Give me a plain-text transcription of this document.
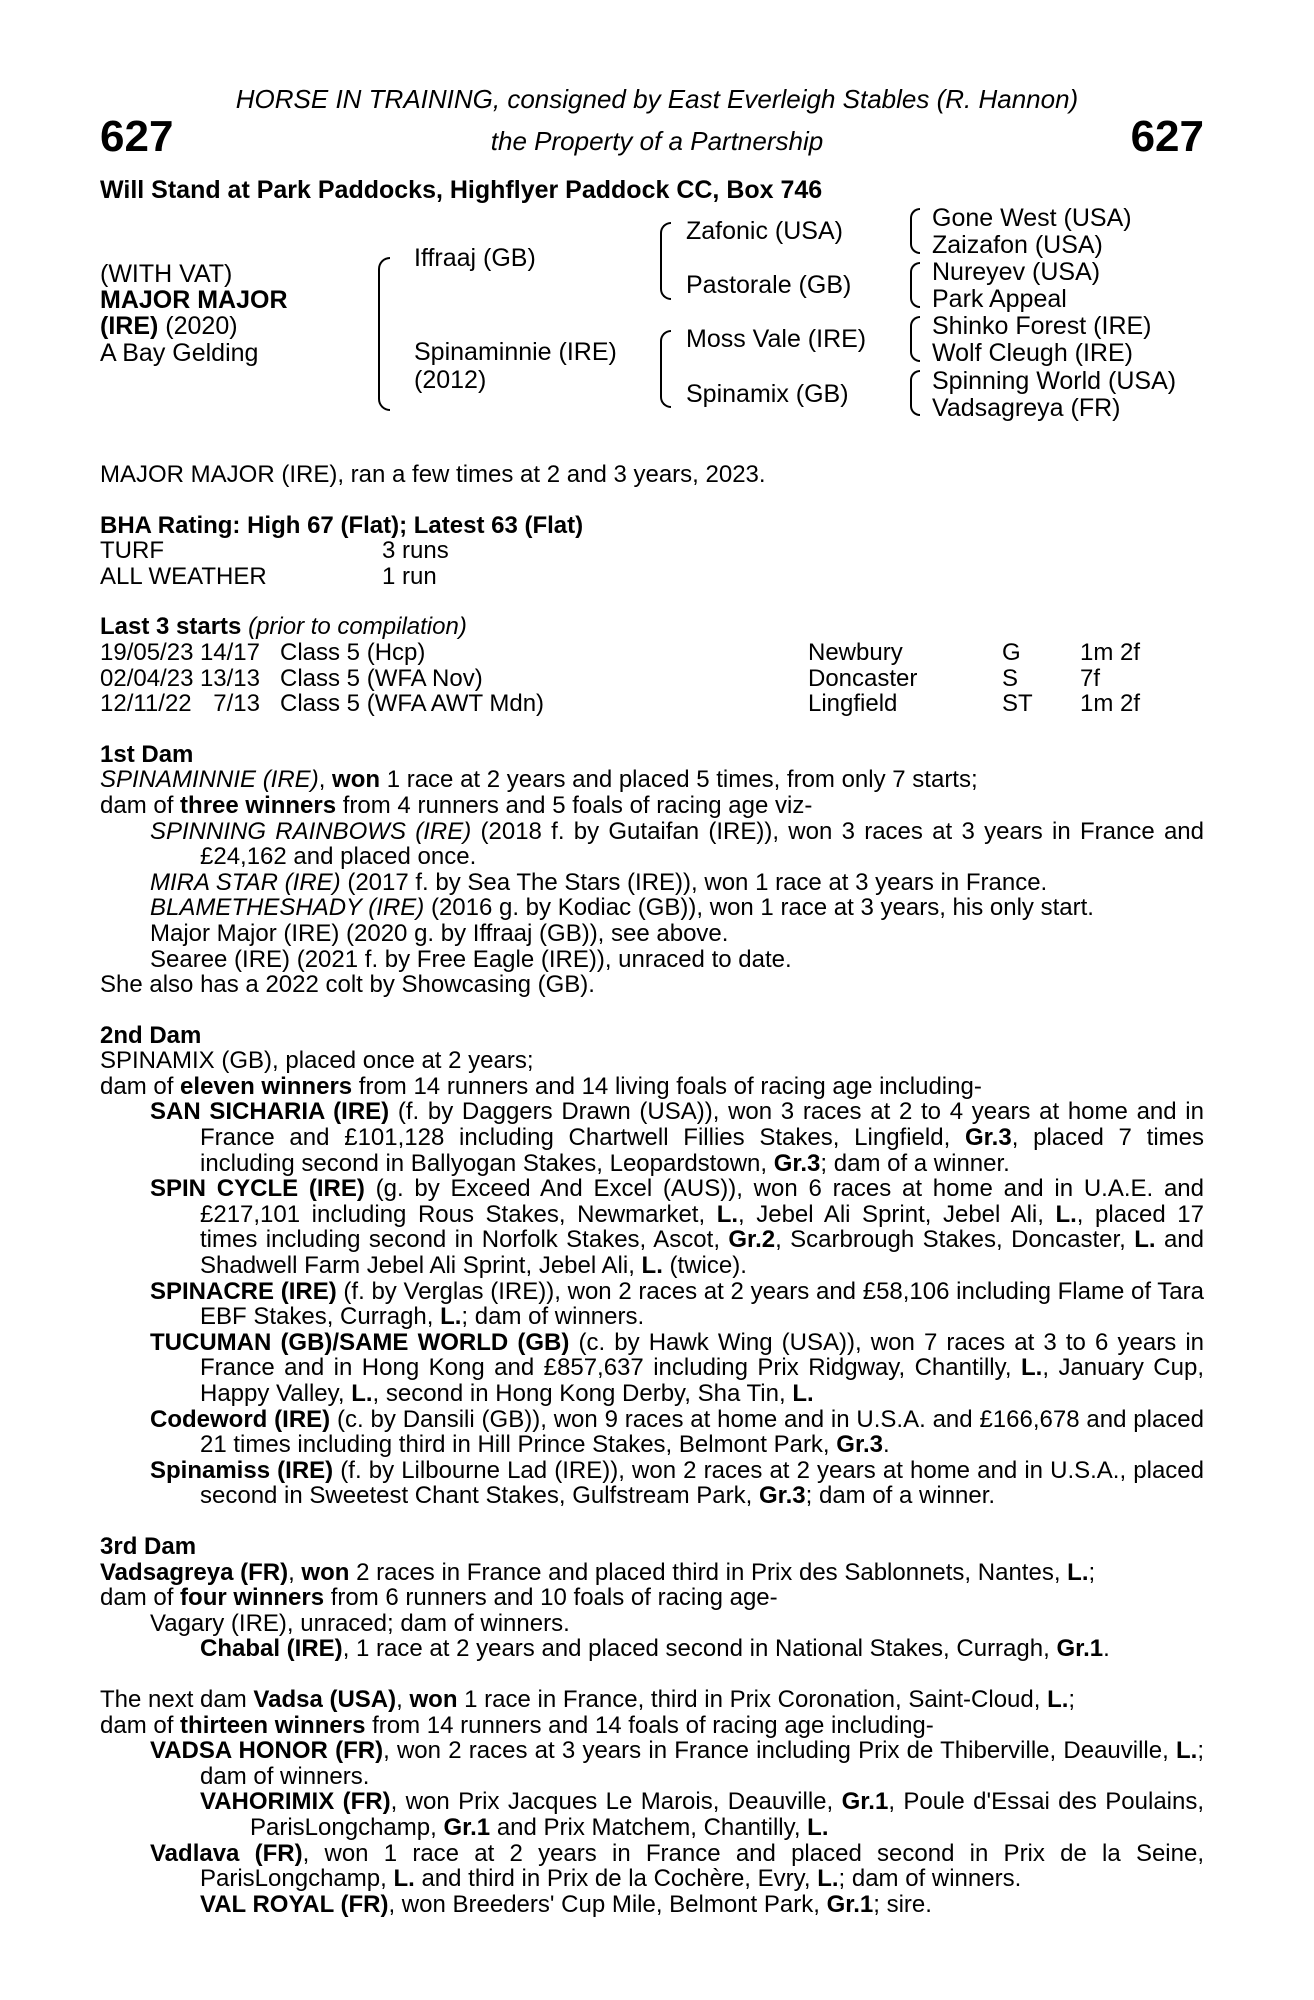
627	627
HORSE IN TRAINING, consigned by East Everleigh Stables (R. Hannon)
the Property of a Partnership
Will Stand at Park Paddocks, Highflyer Paddock CC, Box 746
(WITH VAT)
MAJOR MAJOR
(IRE) (2020)
A Bay Gelding
Iffraaj (GB)
Spinaminnie (IRE)
(2012)
Zafonic (USA)
Pastorale (GB)
Moss Vale (IRE)
Spinamix (GB)
Gone West (USA)
Zaizafon (USA)
Nureyev (USA)
Park Appeal
Shinko Forest (IRE)
Wolf Cleugh (IRE)
Spinning World (USA)
Vadsagreya (FR)

MAJOR MAJOR (IRE), ran a few times at 2 and 3 years, 2023.

BHA Rating: High 67 (Flat); Latest 63 (Flat)

TURF	3 runs

ALL WEATHER	1 run

Last 3 starts (prior to compilation)

19/05/23 14/17 Class 5 (Hcp)	Newbury	G 1m 2f

02/04/23 13/13 Class 5 (WFA Nov)	Doncaster	S	7f

12/11/22 7/13 Class 5 (WFA AWT Mdn)	Lingfield	ST 1m 2f

1st Dam

SPINAMINNIE (IRE), won 1 race at 2 years and placed 5 times, from only 7 starts;

dam of three winners from 4 runners and 5 foals of racing age viz-

SPINNING RAINBOWS (IRE) (2018 f. by Gutaifan (IRE)), won 3 races at 3 years in France and £24,162 and placed once.

MIRA STAR (IRE) (2017 f. by Sea The Stars (IRE)), won 1 race at 3 years in France.

BLAMETHESHADY (IRE) (2016 g. by Kodiac (GB)), won 1 race at 3 years, his only start.

Major Major (IRE) (2020 g. by Iffraaj (GB)), see above.

Searee (IRE) (2021 f. by Free Eagle (IRE)), unraced to date.

She also has a 2022 colt by Showcasing (GB).

2nd Dam

SPINAMIX (GB), placed once at 2 years;

dam of eleven winners from 14 runners and 14 living foals of racing age including-

SAN SICHARIA (IRE) (f. by Daggers Drawn (USA)), won 3 races at 2 to 4 years at home and in France and £101,128 including Chartwell Fillies Stakes, Lingfield, Gr.3, placed 7 times including second in Ballyogan Stakes, Leopardstown, Gr.3; dam of a winner.

SPIN CYCLE (IRE) (g. by Exceed And Excel (AUS)), won 6 races at home and in U.A.E. and £217,101 including Rous Stakes, Newmarket, L., Jebel Ali Sprint, Jebel Ali, L., placed 17 times including second in Norfolk Stakes, Ascot, Gr.2, Scarbrough Stakes, Doncaster, L. and Shadwell Farm Jebel Ali Sprint, Jebel Ali, L. (twice).

SPINACRE (IRE) (f. by Verglas (IRE)), won 2 races at 2 years and £58,106 including Flame of Tara EBF Stakes, Curragh, L.; dam of winners.

TUCUMAN (GB)/SAME WORLD (GB) (c. by Hawk Wing (USA)), won 7 races at 3 to 6 years in France and in Hong Kong and £857,637 including Prix Ridgway, Chantilly, L., January Cup, Happy Valley, L., second in Hong Kong Derby, Sha Tin, L.

Codeword (IRE) (c. by Dansili (GB)), won 9 races at home and in U.S.A. and £166,678 and placed 21 times including third in Hill Prince Stakes, Belmont Park, Gr.3.

Spinamiss (IRE) (f. by Lilbourne Lad (IRE)), won 2 races at 2 years at home and in U.S.A., placed second in Sweetest Chant Stakes, Gulfstream Park, Gr.3; dam of a winner.

3rd Dam

Vadsagreya (FR), won 2 races in France and placed third in Prix des Sablonnets, Nantes, L.;

dam of four winners from 6 runners and 10 foals of racing age-

Vagary (IRE), unraced; dam of winners.

Chabal (IRE), 1 race at 2 years and placed second in National Stakes, Curragh, Gr.1.

The next dam Vadsa (USA), won 1 race in France, third in Prix Coronation, Saint-Cloud, L.;

dam of thirteen winners from 14 runners and 14 foals of racing age including-

VADSA HONOR (FR), won 2 races at 3 years in France including Prix de Thiberville, Deauville, L.; dam of winners.

VAHORIMIX (FR), won Prix Jacques Le Marois, Deauville, Gr.1, Poule d'Essai des Poulains, ParisLongchamp, Gr.1 and Prix Matchem, Chantilly, L.

Vadlava (FR), won 1 race at 2 years in France and placed second in Prix de la Seine, ParisLongchamp, L. and third in Prix de la Cochère, Evry, L.; dam of winners.

VAL ROYAL (FR), won Breeders' Cup Mile, Belmont Park, Gr.1; sire.
